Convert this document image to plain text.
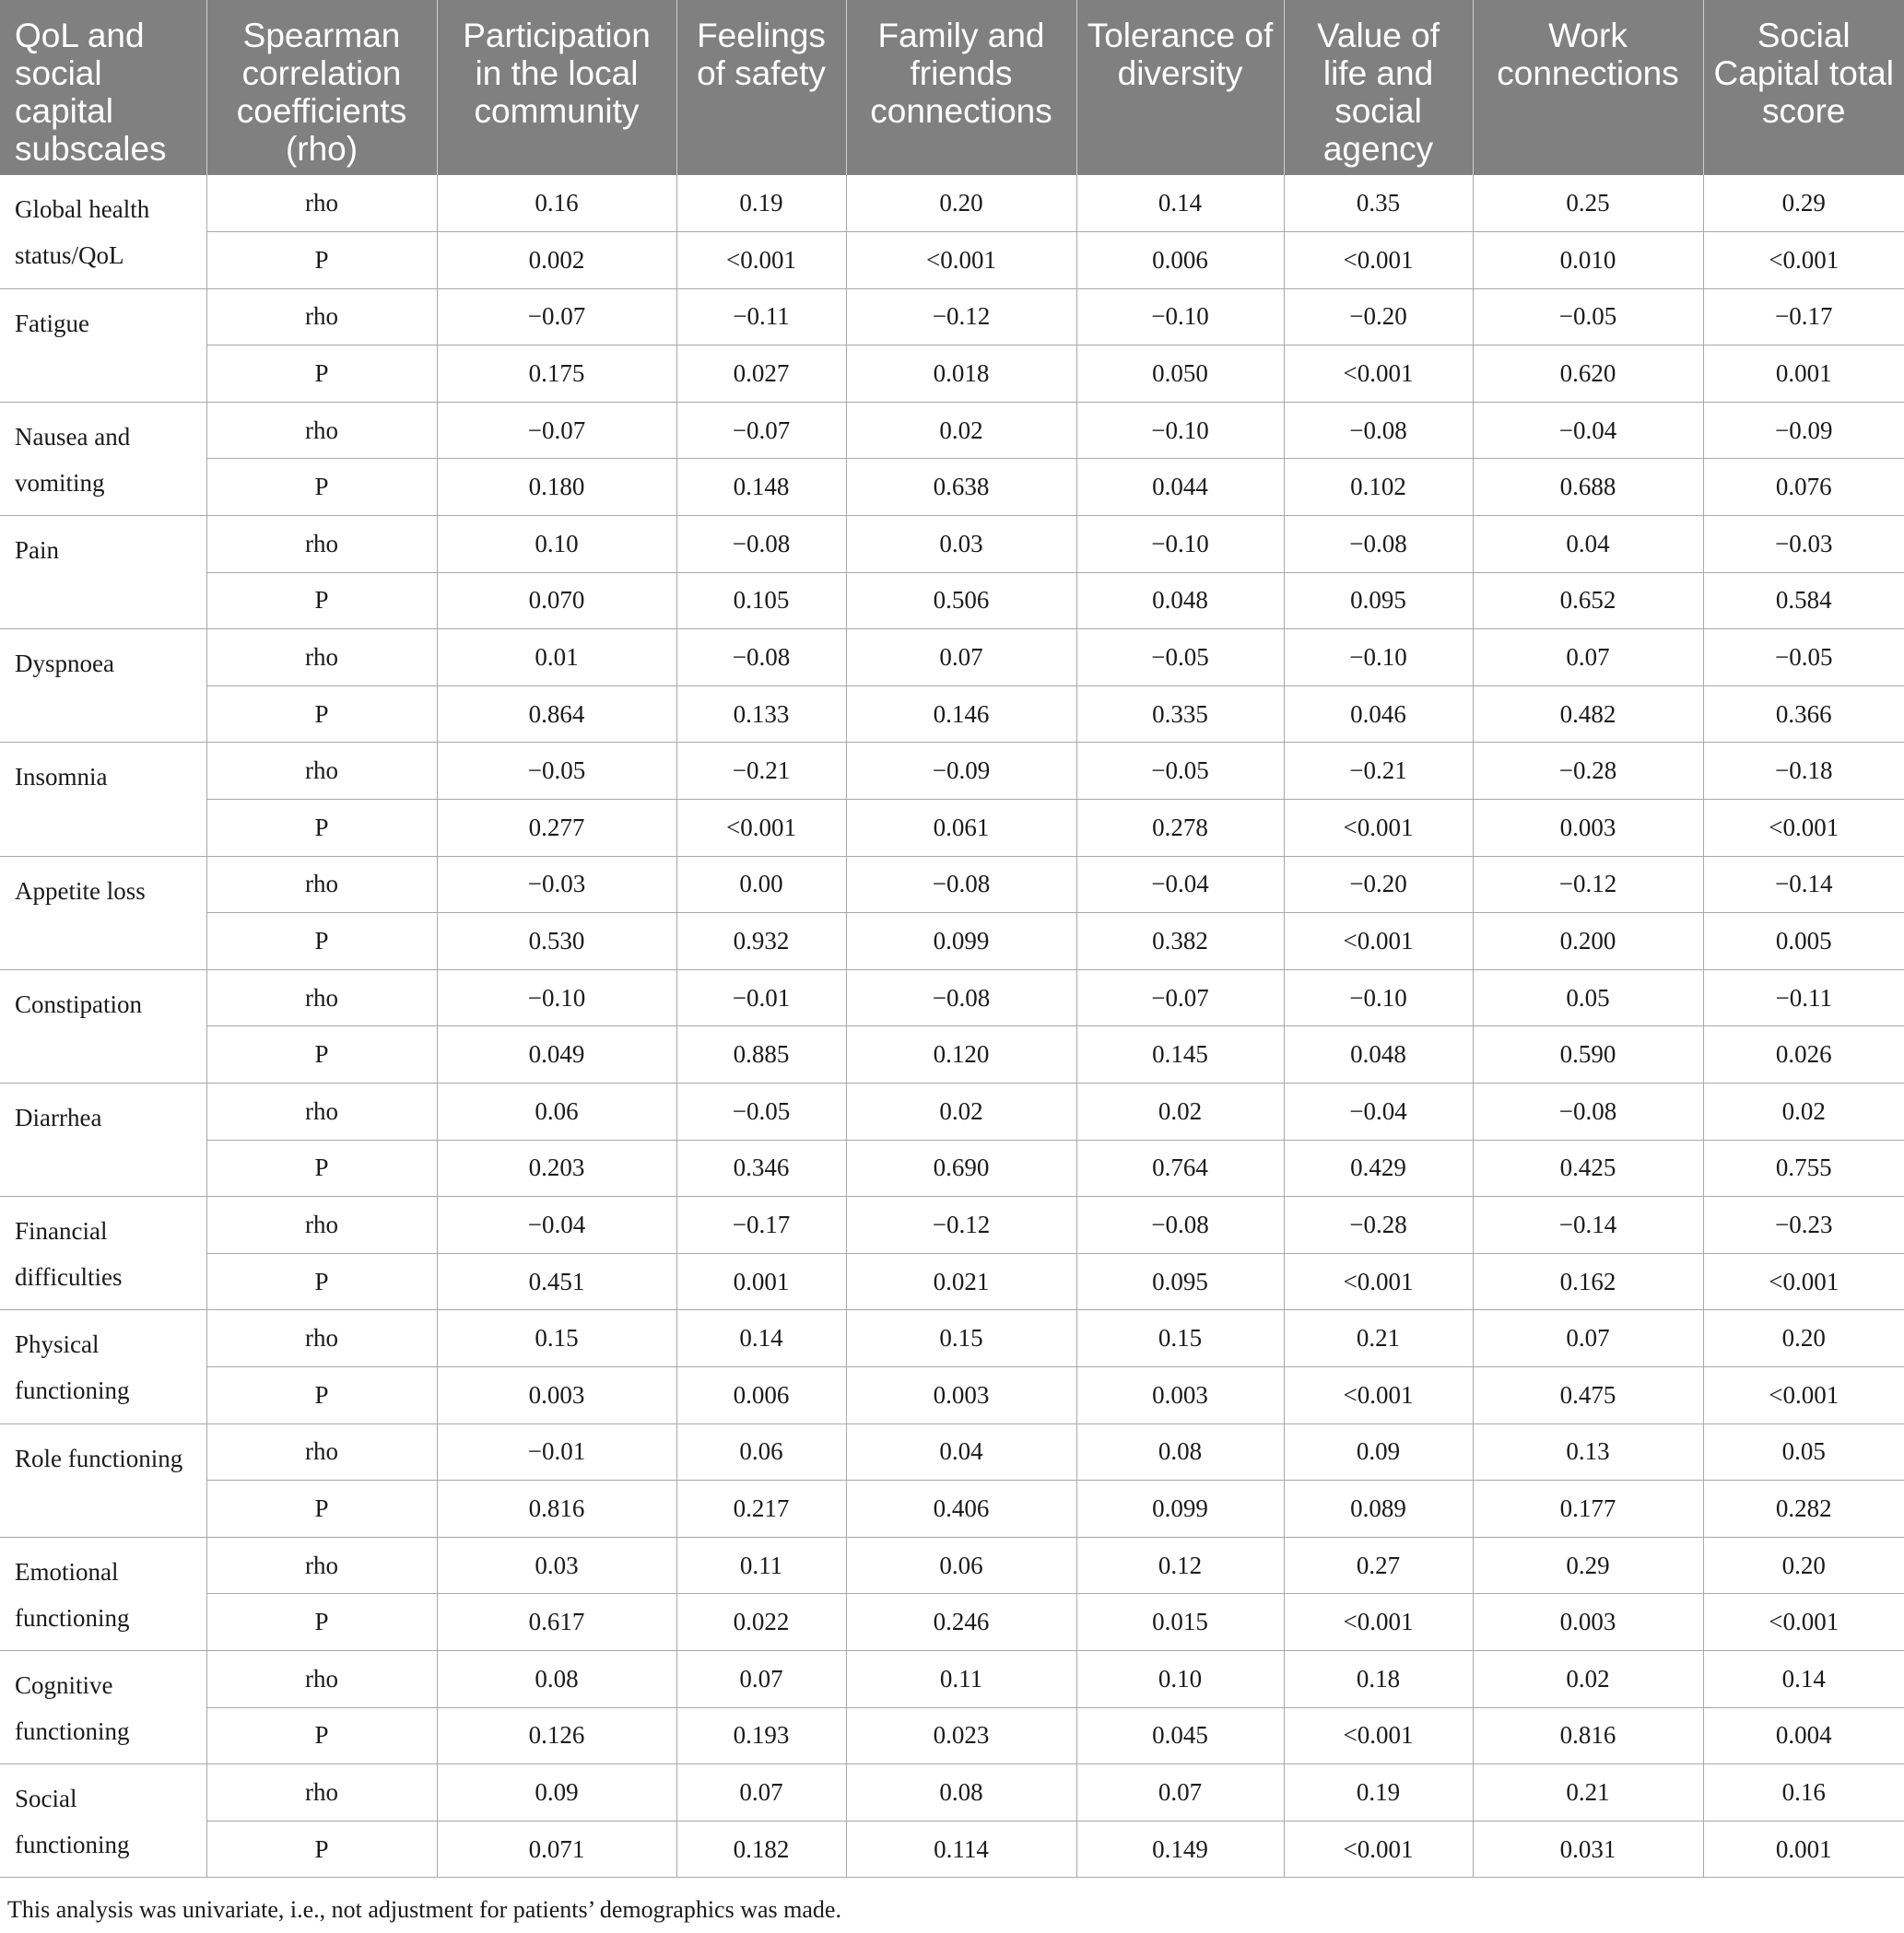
QoL and social capital subscales	Spearman correlation coefficients (rho)	Participation in the local community	Feelings of safety	Family and friends connections	Tolerance of diversity	Value of life and social agency	Work connections	Social Capital total score
Global health status/QoL	rho	0.16	0.19	0.20	0.14	0.35	0.25	0.29
	P	0.002	<0.001	<0.001	0.006	<0.001	0.010	<0.001
Fatigue	rho	−0.07	−0.11	−0.12	−0.10	−0.20	−0.05	−0.17
	P	0.175	0.027	0.018	0.050	<0.001	0.620	0.001
Nausea and vomiting	rho	−0.07	−0.07	0.02	−0.10	−0.08	−0.04	−0.09
	P	0.180	0.148	0.638	0.044	0.102	0.688	0.076
Pain	rho	0.10	−0.08	0.03	−0.10	−0.08	0.04	−0.03
	P	0.070	0.105	0.506	0.048	0.095	0.652	0.584
Dyspnoea	rho	0.01	−0.08	0.07	−0.05	−0.10	0.07	−0.05
	P	0.864	0.133	0.146	0.335	0.046	0.482	0.366
Insomnia	rho	−0.05	−0.21	−0.09	−0.05	−0.21	−0.28	−0.18
	P	0.277	<0.001	0.061	0.278	<0.001	0.003	<0.001
Appetite loss	rho	−0.03	0.00	−0.08	−0.04	−0.20	−0.12	−0.14
	P	0.530	0.932	0.099	0.382	<0.001	0.200	0.005
Constipation	rho	−0.10	−0.01	−0.08	−0.07	−0.10	0.05	−0.11
	P	0.049	0.885	0.120	0.145	0.048	0.590	0.026
Diarrhea	rho	0.06	−0.05	0.02	0.02	−0.04	−0.08	0.02
	P	0.203	0.346	0.690	0.764	0.429	0.425	0.755
Financial difficulties	rho	−0.04	−0.17	−0.12	−0.08	−0.28	−0.14	−0.23
	P	0.451	0.001	0.021	0.095	<0.001	0.162	<0.001
Physical functioning	rho	0.15	0.14	0.15	0.15	0.21	0.07	0.20
	P	0.003	0.006	0.003	0.003	<0.001	0.475	<0.001
Role functioning	rho	−0.01	0.06	0.04	0.08	0.09	0.13	0.05
	P	0.816	0.217	0.406	0.099	0.089	0.177	0.282
Emotional functioning	rho	0.03	0.11	0.06	0.12	0.27	0.29	0.20
	P	0.617	0.022	0.246	0.015	<0.001	0.003	<0.001
Cognitive functioning	rho	0.08	0.07	0.11	0.10	0.18	0.02	0.14
	P	0.126	0.193	0.023	0.045	<0.001	0.816	0.004
Social functioning	rho	0.09	0.07	0.08	0.07	0.19	0.21	0.16
	P	0.071	0.182	0.114	0.149	<0.001	0.031	0.001
This analysis was univariate, i.e., not adjustment for patients’ demographics was made.
